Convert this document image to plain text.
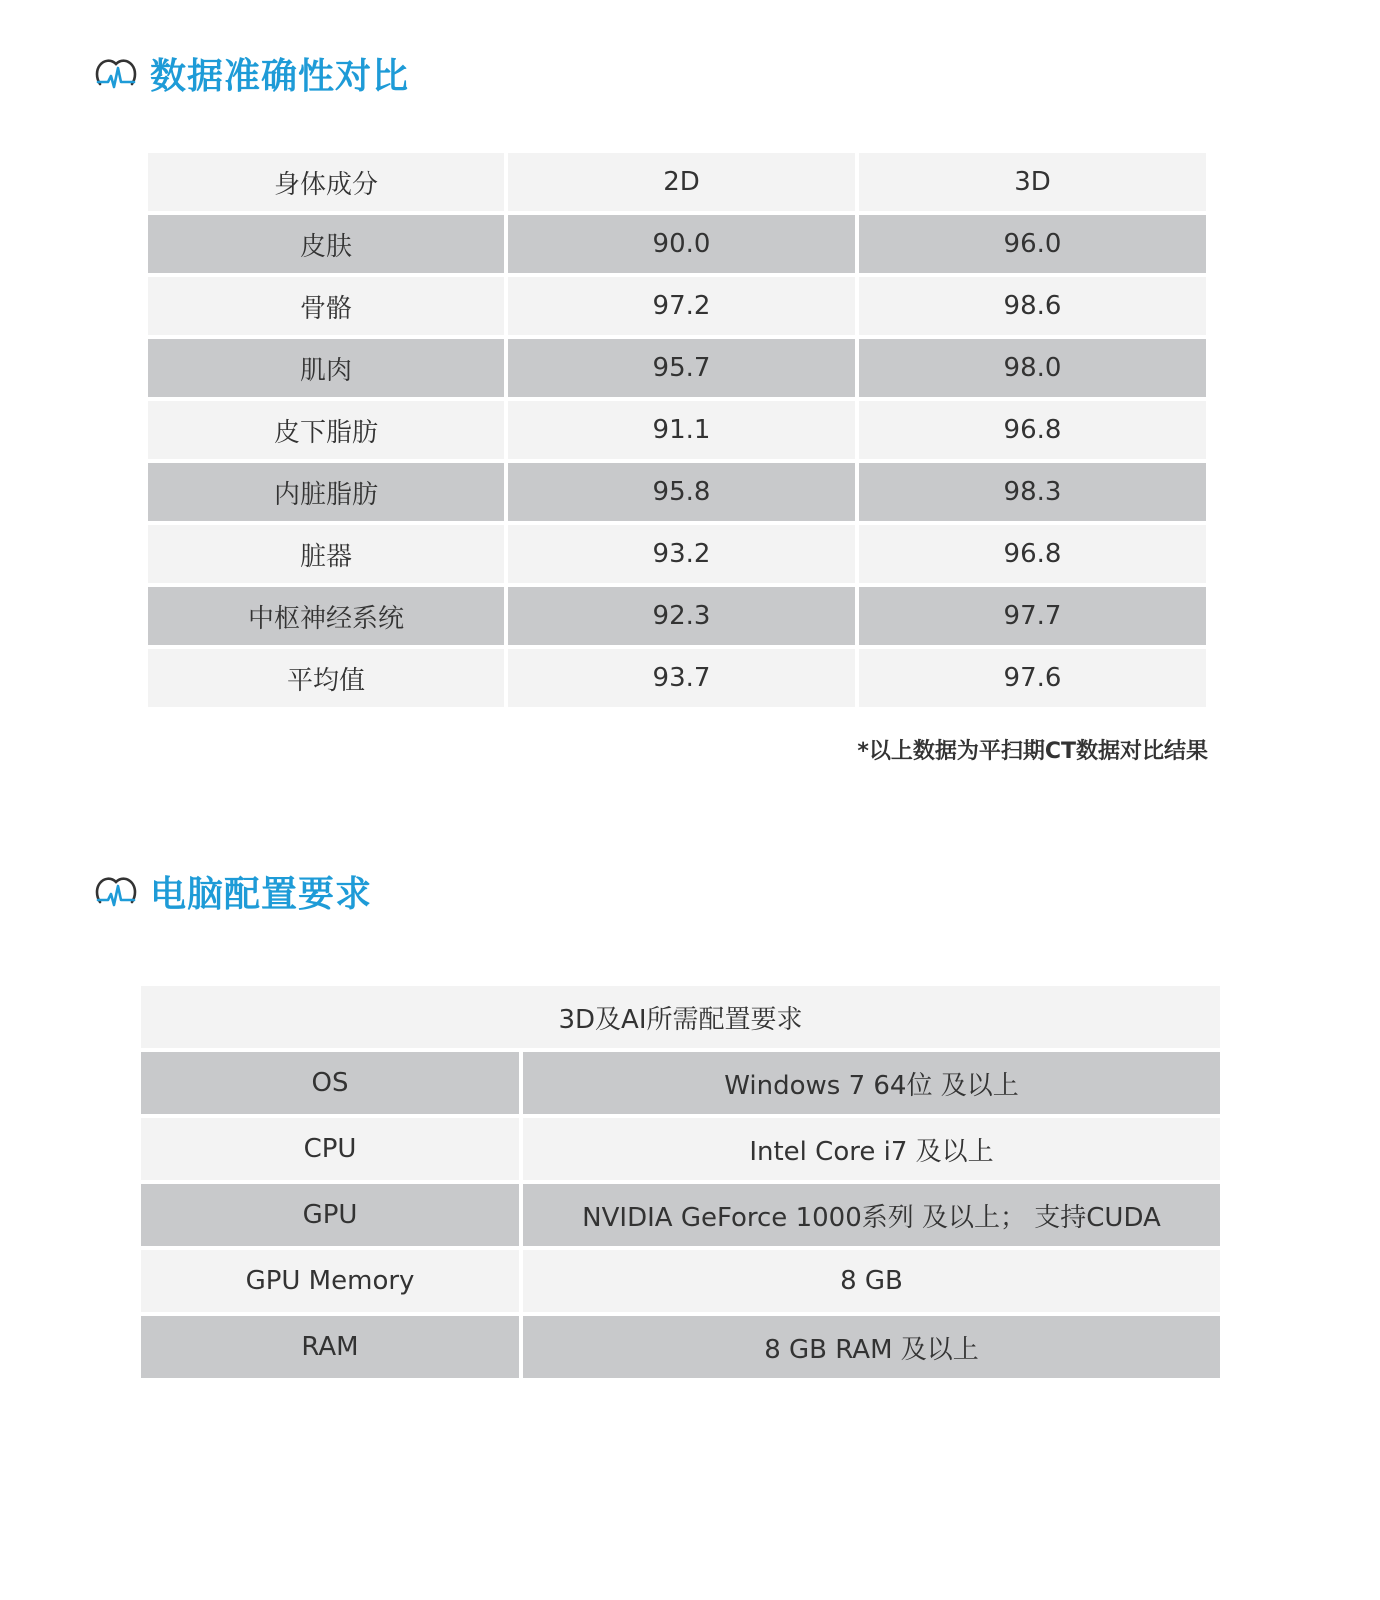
数据准确性对比
身体成分	2D	3D
皮肤	90.0	96.0
骨骼	97.2	98.6
肌肉	95.7	98.0
皮下脂肪	91.1	96.8
内脏脂肪	95.8	98.3
脏器	93.2	96.8
中枢神经系统	92.3	97.7
平均值	93.7	97.6
*以上数据为平扫期CT数据对比结果
电脑配置要求
3D及AI所需配置要求	
OS	Windows 7 64位 及以上
CPU	Intel Core i7 及以上
GPU	NVIDIA GeForce 1000系列 及以上； 支持CUDA
GPU Memory	8 GB
RAM	8 GB RAM 及以上
